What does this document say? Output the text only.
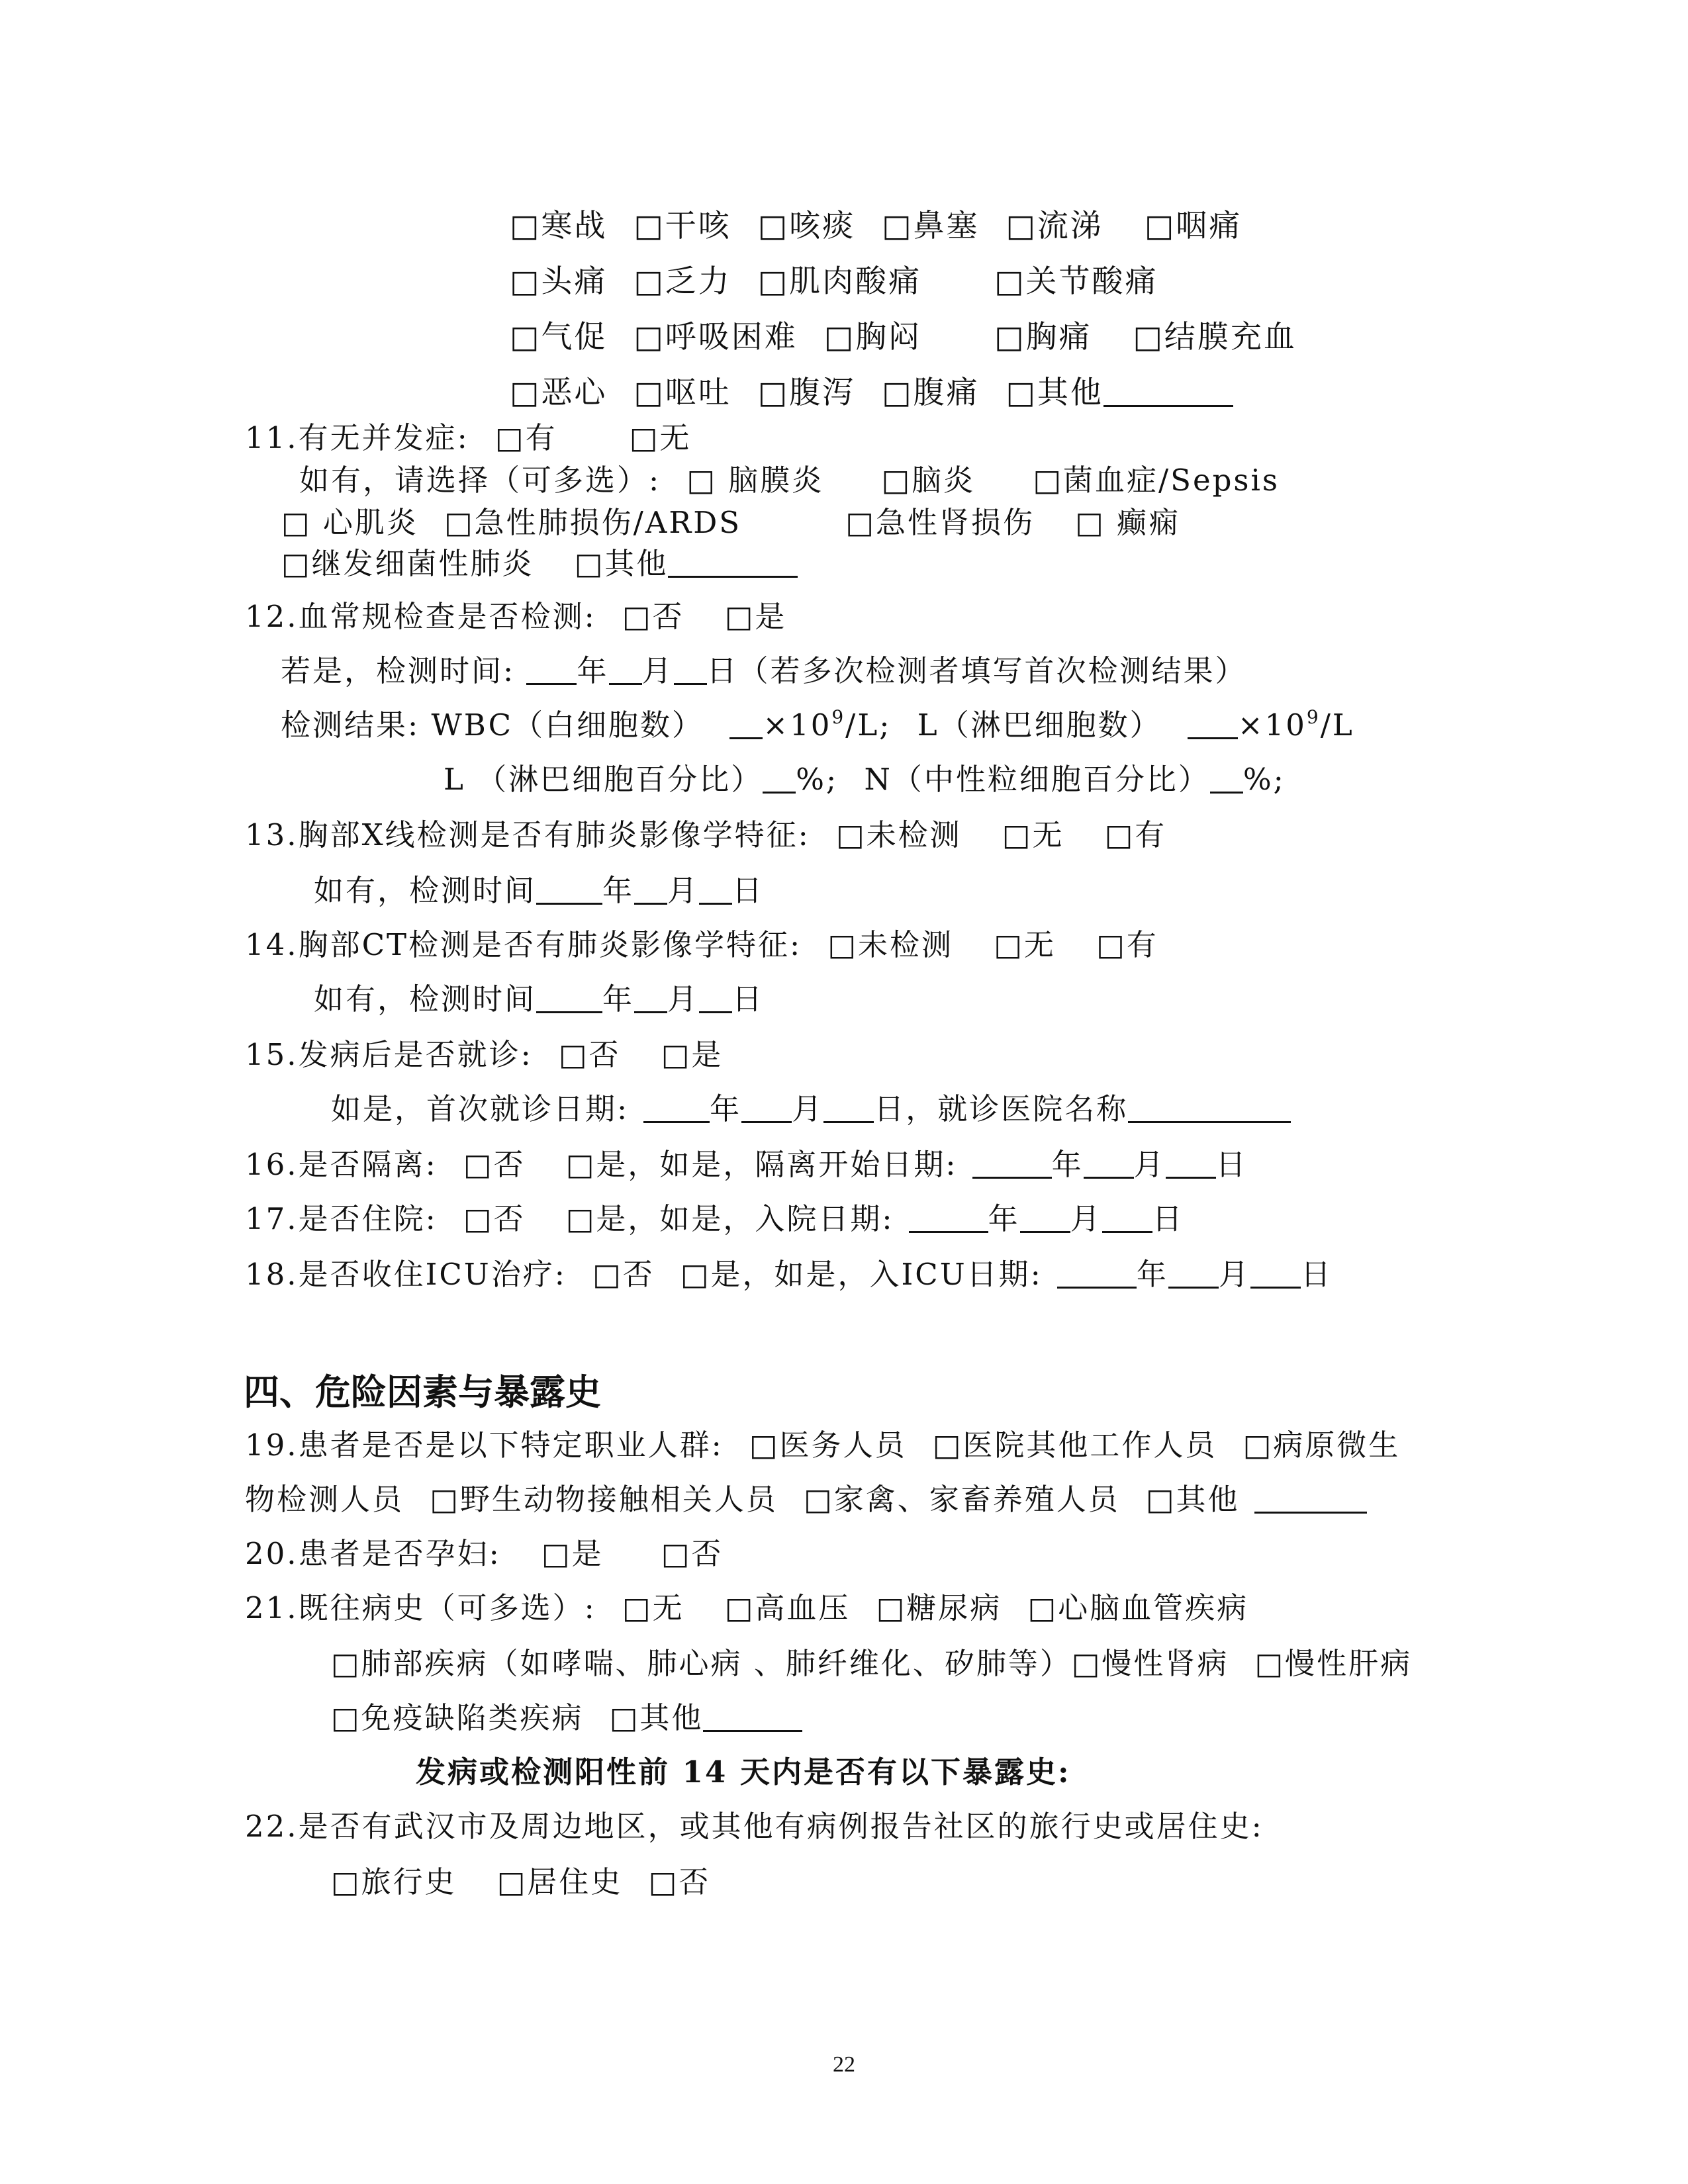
□寒战 □干咳 □咳痰 □鼻塞 □流涕 □咽痛
□头痛 □乏力 □肌肉酸痛 □关节酸痛
□气促 □呼吸困难 □胸闷 □胸痛 □结膜充血
□恶心 □呕吐 □腹泻 □腹痛 □其他
11.有无并发症: □有 □无
如有，请选择（可多选）: □ 脑膜炎 □脑炎 □菌血症/Sepsis
□ 心肌炎 □急性肺损伤/ARDS	□急性肾损伤 □ 癫痫
□继发细菌性肺炎 □其他
12.血常规检查是否检测: □否 □是
若是，检测时间: 年 月 日（若多次检测者填写首次检测结果）
检测结果: WBC（白细胞数） $\times 10^9/L$; L（淋巴细胞数）	$\times 10^9/L$
L （淋巴细胞百分比） %; N（中性粒细胞百分比） %;
13.胸部X线检测是否有肺炎影像学特征: □未检测 □无 □有
如有，检测时间 年 月 日
14.胸部CT检测是否有肺炎影像学特征: □未检测 □无 □有
如有，检测时间 年 月 日
15.发病后是否就诊: □否 □是
如是，首次就诊日期:	年 月 日，就诊医院名称
16.是否隔离: □否 □是，如是，隔离开始日期:	年 月 日
17.是否住院: □否 □是，如是，入院日期:	年 月 日
18.是否收住ICU治疗: □否 □是，如是，入ICU日期:	年 月 日
四、危险因素与暴露史
19.患者是否是以下特定职业人群: □医务人员 □医院其他工作人员 □病原微生
物检测人员 □野生动物接触相关人员 □家禽、家畜养殖人员 □其他
20.患者是否孕妇: □是 □否
21.既往病史（可多选）: □无 □高血压 □糖尿病 □心脑血管疾病
□肺部疾病（如哮喘、肺心病 、肺纤维化、矽肺等）□慢性肾病 □慢性肝病
□免疫缺陷类疾病 □其他
发病或检测阳性前 14 天内是否有以下暴露史:
22.是否有武汉市及周边地区，或其他有病例报告社区的旅行史或居住史:
□旅行史 □居住史 □否
22
